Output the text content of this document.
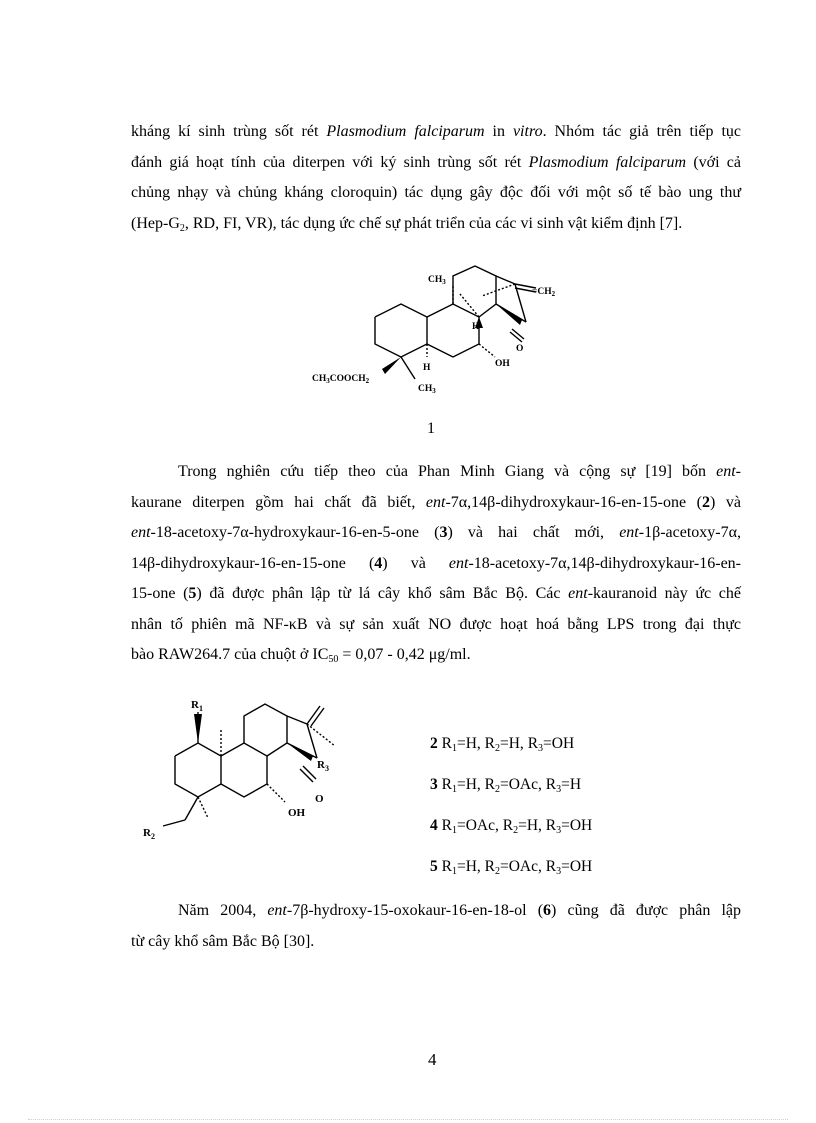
kháng kí sinh trùng sốt rét Plasmodium falciparum in vitro. Nhóm tác giả trên tiếp tục
đánh giá hoạt tính của diterpen với ký sinh trùng sốt rét Plasmodium falciparum (với cả
chủng nhạy và chủng kháng cloroquin) tác dụng gây độc đối với một số tế bào ung thư
($Hep-G_2$, RD, FI, VR), tác dụng ức chế sự phát triển của các vi sinh vật kiểm định [7].
$CH_3$
$=CH_2$
H
O
OH
H
$CH_3COOCH_2$
$CH_3$
1
Trong nghiên cứu tiếp theo của Phan Minh Giang và cộng sự [19] bốn ent-
kaurane diterpen gồm hai chất đã biết, ent-7α,14β-dihydroxykaur-16-en-15-one (2) và
ent-18-acetoxy-7α-hydroxykaur-16-en-5-one (3) và hai chất mới, ent-1β-acetoxy-7α,
14β-dihydroxykaur-16-en-15-one (4) và ent-18-acetoxy-7α,14β-dihydroxykaur-16-en-
15-one (5) đã được phân lập từ lá cây khổ sâm Bắc Bộ. Các ent-kauranoid này ức chế
nhân tố phiên mã NF-κB và sự sản xuất NO được hoạt hoá bằng LPS trong đại thực
bào RAW264.7 của chuột ở $IC_{50} = 0,07 - 0,42$ μg/ml.
$R_1$
$R_3$
O
OH
$R_2$
2 $R_1=H$, $R_2=H$, $R_3=OH$
3 $R_1=H$, $R_2=OAc$, $R_3=H$
4 $R_1=OAc$, $R_2=H$, $R_3=OH$
5 $R_1=H$, $R_2=OAc$, $R_3=OH$
Năm 2004, ent-7β-hydroxy-15-oxokaur-16-en-18-ol (6) cũng đã được phân lập
từ cây khổ sâm Bắc Bộ [30].
4
